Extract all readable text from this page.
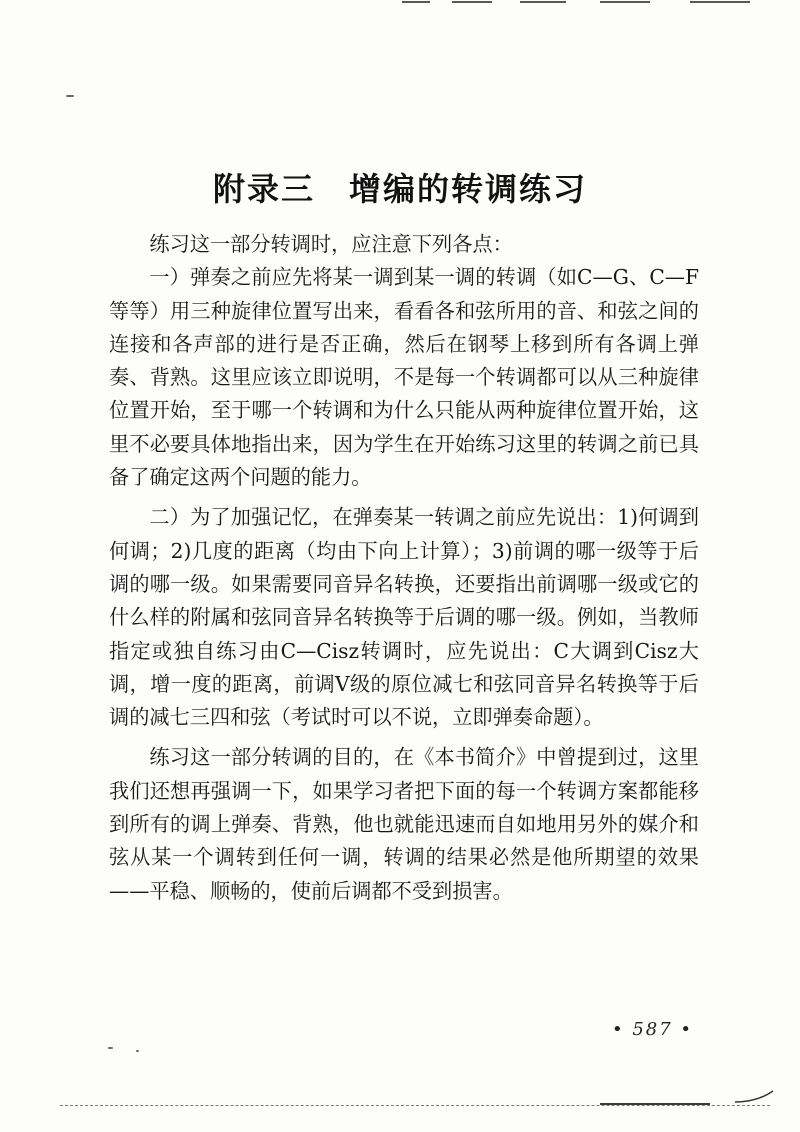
附录三 增编的转调练习

练习这一部分转调时，应注意下列各点：

一）弹奏之前应先将某一调到某一调的转调（如C—G、C—F等等）用三种旋律位置写出来，看看各和弦所用的音、和弦之间的连接和各声部的进行是否正确，然后在钢琴上移到所有各调上弹奏、背熟。这里应该立即说明，不是每一个转调都可以从三种旋律位置开始，至于哪一个转调和为什么只能从两种旋律位置开始，这里不必要具体地指出来，因为学生在开始练习这里的转调之前已具备了确定这两个问题的能力。

二）为了加强记忆，在弹奏某一转调之前应先说出：1)何调到何调；2)几度的距离（均由下向上计算）；3)前调的哪一级等于后调的哪一级。如果需要同音异名转换，还要指出前调哪一级或它的什么样的附属和弦同音异名转换等于后调的哪一级。例如，当教师指定或独自练习由C—Cisz转调时，应先说出：C大调到Cisz大调，增一度的距离，前调Ⅴ级的原位减七和弦同音异名转换等于后调的减七三四和弦（考试时可以不说，立即弹奏命题）。

练习这一部分转调的目的，在《本书简介》中曾提到过，这里我们还想再强调一下，如果学习者把下面的每一个转调方案都能移到所有的调上弹奏、背熟，他也就能迅速而自如地用另外的媒介和弦从某一个调转到任何一调，转调的结果必然是他所期望的效果——平稳、顺畅的，使前后调都不受到损害。

• 587 •
